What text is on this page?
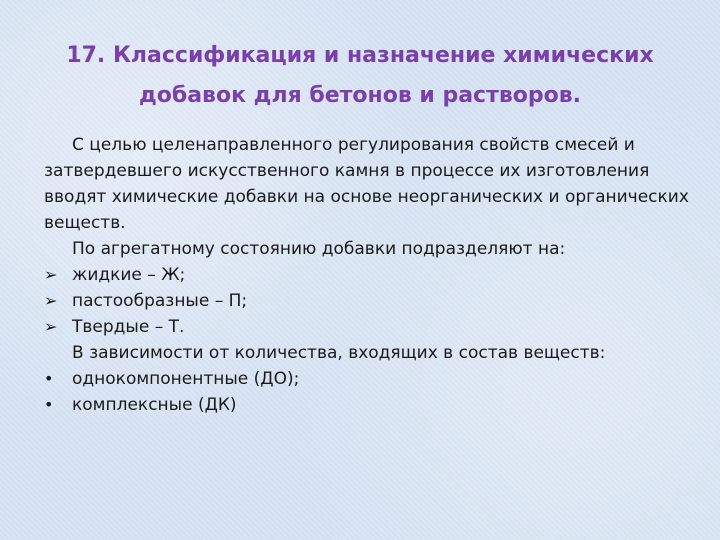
17. Классификация и назначение химических добавок для бетонов и растворов.

С целью целенаправленного регулирования свойств смесей и затвердевшего искусственного камня в процессе их изготовления вводят химические добавки на основе неорганических и органических веществ.

По агрегатному состоянию добавки подразделяют на:

➢ жидкие – Ж;

➢ пастообразные – П;

➢ Твердые – Т.

В зависимости от количества, входящих в состав веществ:

•	однокомпонентные (ДО);

•	комплексные (ДК)
